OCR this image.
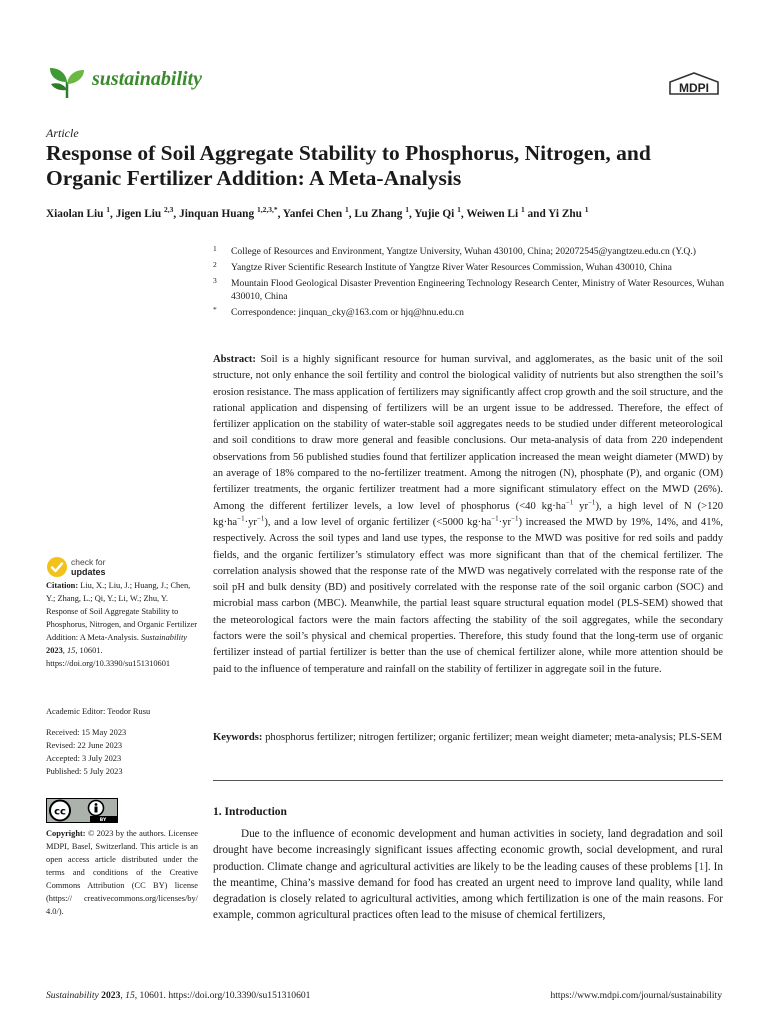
sustainability	MDPI
Article
Response of Soil Aggregate Stability to Phosphorus, Nitrogen, and Organic Fertilizer Addition: A Meta-Analysis
Xiaolan Liu $^1$, Jigen Liu $^{2,3}$, Jinquan Huang $^{1,2,3,*}$, Yanfei Chen $^1$, Lu Zhang $^1$, Yujie Qi $^1$, Weiwen Li $^1$ and Yi Zhu $^1$
1 College of Resources and Environment, Yangtze University, Wuhan 430100, China; 202072545@yangtzeu.edu.cn (Y.Q.)
2 Yangtze River Scientific Research Institute of Yangtze River Water Resources Commission, Wuhan 430010, China
3 Mountain Flood Geological Disaster Prevention Engineering Technology Research Center, Ministry of Water Resources, Wuhan 430010, China
* Correspondence: jinquan_cky@163.com or hjq@hnu.edu.cn
Abstract: Soil is a highly significant resource for human survival, and agglomerates, as the basic unit of the soil structure, not only enhance the soil fertility and control the biological validity of nutrients but also strengthen the soil’s erosion resistance. The mass application of fertilizers may significantly affect crop growth and the soil structure, and the rational application and dispensing of fertilizers will be an urgent issue to be addressed. Therefore, the effect of fertilizer application on the stability of water-stable soil aggregates needs to be studied under different meteorological and soil conditions to draw more general and feasible conclusions. Our meta-analysis of data from 220 independent observations from 56 published studies found that fertilizer application increased the mean weight diameter (MWD) by an average of 18% compared to the no-fertilizer treatment. Among the nitrogen (N), phosphate (P), and organic (OM) fertilizer treatments, the organic fertilizer treatment had a more significant stimulatory effect on the MWD (26%). Among the different fertilizer levels, a low level of phosphorus (<40 $kg\cdot ha^{-1}$ $yr^{-1}$), a high level of N (>120 $kg\cdot ha^{-1}\cdot yr^{-1}$), and a low level of organic fertilizer (<5000 $kg\cdot ha^{-1}\cdot yr^{-1}$) increased the MWD by 19%, 14%, and 41%, respectively. Across the soil types and land use types, the response to the MWD was positive for red soils and paddy fields, and the organic fertilizer’s stimulatory effect was more significant than that of the chemical fertilizer. The correlation analysis showed that the response rate of the MWD was negatively correlated with the response rate of the soil pH and bulk density (BD) and positively correlated with the response rate of the soil organic carbon (SOC) and microbial mass carbon (MBC). Meanwhile, the partial least square structural equation model (PLS-SEM) showed that the meteorological factors were the main factors affecting the stability of the soil aggregates, while the secondary factors were the soil’s physical and chemical properties. Therefore, this study found that the long-term use of organic fertilizer instead of partial fertilizer is better than the use of chemical fertilizer alone, while more attention should be paid to the influence of temperature and rainfall on the stability of fertilizer in aggregate soil in the future.
Keywords: phosphorus fertilizer; nitrogen fertilizer; organic fertilizer; mean weight diameter; meta-analysis; PLS-SEM
1. Introduction
Due to the influence of economic development and human activities in society, land degradation and soil drought have become increasingly significant issues affecting economic growth, social development, and rural production. Climate change and agricultural activities are likely to be the leading causes of these problems [1]. In the meantime, China’s massive demand for food has created an urgent need to improve land quality, while land degradation is closely related to agricultural activities, among which fertilization is one of the main reasons. For example, common agricultural practices often lead to the misuse of chemical fertilizers,
check for
updates
Citation: Liu, X.; Liu, J.; Huang, J.; Chen, Y.; Zhang, L.; Qi, Y.; Li, W.; Zhu, Y. Response of Soil Aggregate Stability to Phosphorus, Nitrogen, and Organic Fertilizer Addition: A Meta-Analysis. Sustainability 2023, 15, 10601. https://doi.org/10.3390/su151310601
Academic Editor: Teodor Rusu
Received: 15 May 2023
Revised: 22 June 2023
Accepted: 3 July 2023
Published: 5 July 2023
cc
BY
Copyright: © 2023 by the authors. Licensee MDPI, Basel, Switzerland. This article is an open access article distributed under the terms and conditions of the Creative Commons Attribution (CC BY) license (https:// creativecommons.org/licenses/by/ 4.0/).
Sustainability 2023, 15, 10601. https://doi.org/10.3390/su151310601	https://www.mdpi.com/journal/sustainability
